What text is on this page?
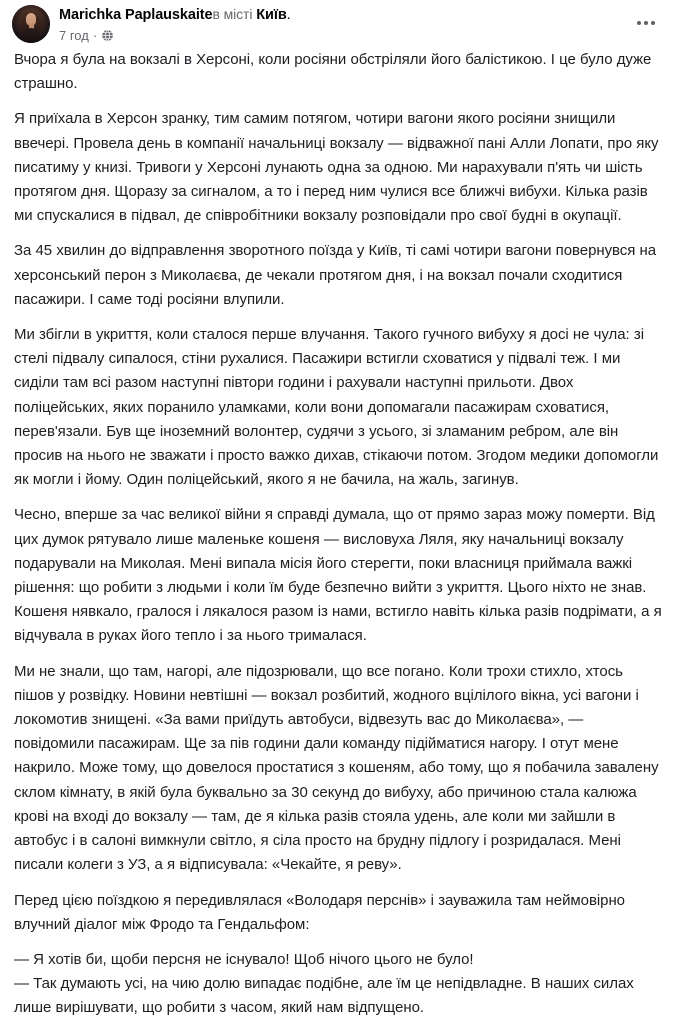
Marichka Paplauskaiteв місті Київ.
7 год ·

Вчора я була на вокзалі в Херсоні, коли росіяни обстріляли його балістикою. І це було дуже страшно.

Я приїхала в Херсон зранку, тим самим потягом, чотири вагони якого росіяни знищили ввечері. Провела день в компанії начальниці вокзалу — відважної пані Алли Лопати, про яку писатиму у книзі. Тривоги у Херсоні лунають одна за одною. Ми нарахували п'ять чи шість протягом дня. Щоразу за сигналом, а то і перед ним чулися все ближчі вибухи. Кілька разів ми спускалися в підвал, де співробітники вокзалу розповідали про свої будні в окупації.

За 45 хвилин до відправлення зворотного поїзда у Київ, ті самі чотири вагони повернувся на херсонський перон з Миколаєва, де чекали протягом дня, і на вокзал почали сходитися пасажири. І саме тоді росіяни влупили.

Ми збігли в укриття, коли сталося перше влучання. Такого гучного вибуху я досі не чула: зі стелі підвалу сипалося, стіни рухалися. Пасажири встигли сховатися у підвалі теж. І ми сиділи там всі разом наступні півтори години і рахували наступні прильоти. Двох поліцейських, яких поранило уламками, коли вони допомагали пасажирам сховатися, перев'язали. Був ще іноземний волонтер, судячи з усього, зі зламаним ребром, але він просив на нього не зважати і просто важко дихав, стікаючи потом. Згодом медики допомогли як могли і йому. Один поліцейський, якого я не бачила, на жаль, загинув.

Чесно, вперше за час великої війни я справді думала, що от прямо зараз можу померти. Від цих думок рятувало лише маленьке кошеня — висловуха Ляля, яку начальниці вокзалу подарували на Миколая. Мені випала місія його стерегти, поки власниця приймала важкі рішення: що робити з людьми і коли їм буде безпечно вийти з укриття. Цього ніхто не знав. Кошеня нявкало, гралося і лякалося разом із нами, встигло навіть кілька разів подрімати, а я відчувала в руках його тепло і за нього трималася.

Ми не знали, що там, нагорі, але підозрювали, що все погано. Коли трохи стихло, хтось пішов у розвідку. Новини невтішні — вокзал розбитий, жодного вцілілого вікна, усі вагони і локомотив знищені. «За вами приїдуть автобуси, відвезуть вас до Миколаєва», — повідомили пасажирам. Ще за пів години дали команду підійматися нагору. І отут мене накрило. Може тому, що довелося простатися з кошеням, або тому, що я побачила завалену склом кімнату, в якій була буквально за 30 секунд до вибуху, або причиною стала калюжа крові на вході до вокзалу — там, де я кілька разів стояла удень, але коли ми зайшли в автобус і в салоні вимкнули світло, я сіла просто на брудну підлогу і розридалася. Мені писали колеги з УЗ, а я відписувала: «Чекайте, я реву».

Перед цією поїздкою я передивлялася «Володаря перснів» і зауважила там неймовірно влучний діалог між Фродо та Гендальфом:

— Я хотів би, щоби персня не існувало! Щоб нічого цього не було!

— Так думають усі, на чию долю випадає подібне, але їм це непідвладне. В наших силах лише вирішувати, що робити з часом, який нам відпущено.
